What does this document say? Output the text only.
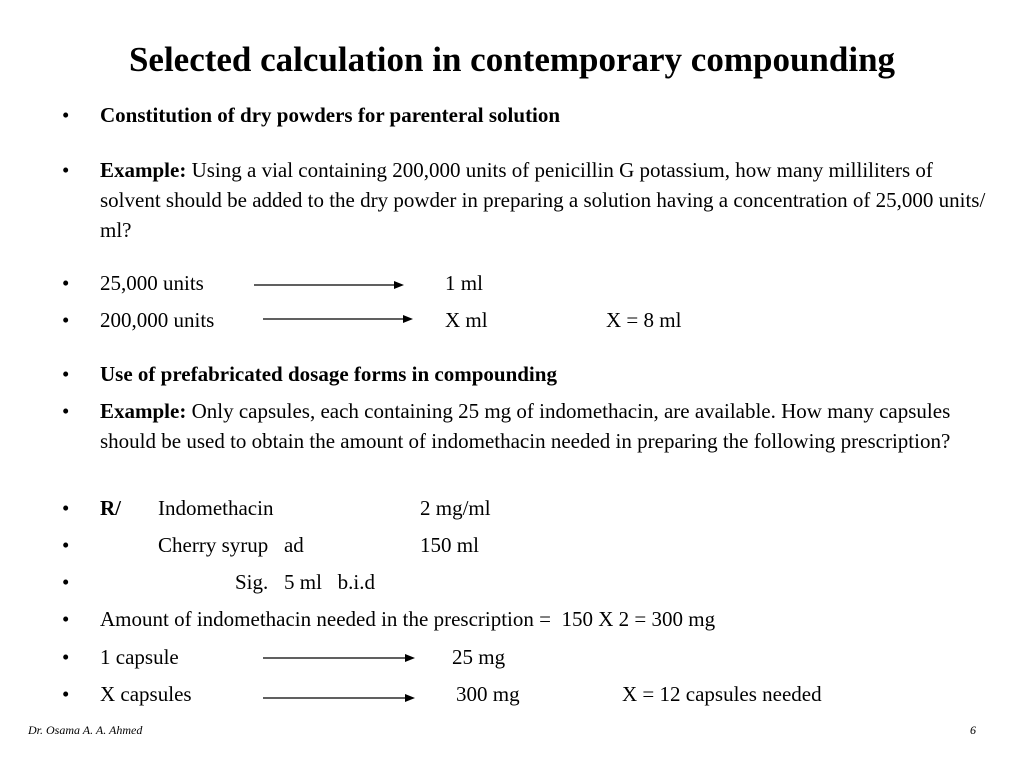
Selected calculation in contemporary compounding
• Constitution of dry powders for parenteral solution
• Example: Using a vial containing 200,000 units of penicillin G potassium, how many milliliters of solvent should be added to the dry powder in preparing a solution having a concentration of 25,000 units/ ml?
• 25,000 units	1 ml
• 200,000 units	X ml	X = 8 ml
• Use of prefabricated dosage forms in compounding
• Example: Only capsules, each containing 25 mg of indomethacin, are available. How many capsules should be used to obtain the amount of indomethacin needed in preparing the following prescription?
• R/ Indomethacin	2 mg/ml
•	Cherry syrup   ad	150 ml
•	Sig.   5 ml   b.i.d
• Amount of indomethacin needed in the prescription =  150 X 2 = 300 mg
• 1 capsule	25 mg
• X capsules	300 mg	X = 12 capsules needed
Dr. Osama A. A. Ahmed	6
